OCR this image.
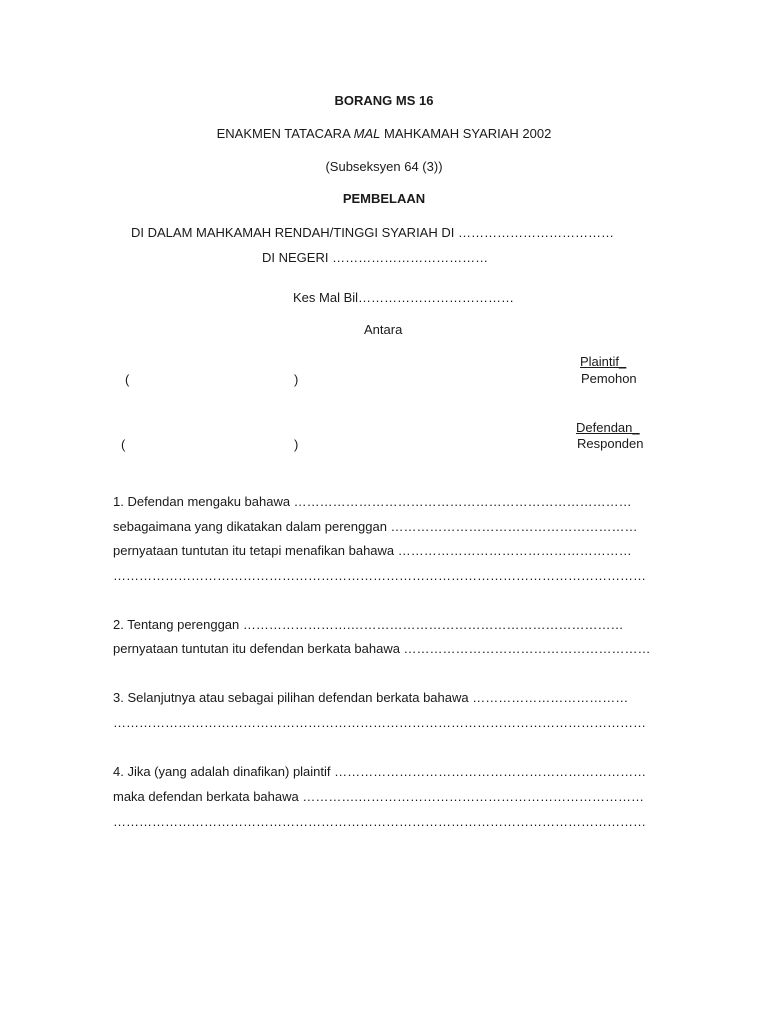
BORANG MS 16
ENAKMEN TATACARA MAL MAHKAMAH SYARIAH 2002
(Subseksyen 64 (3))
PEMBELAAN
DI DALAM MAHKAMAH RENDAH/TINGGI SYARIAH DI ………………………………
DI NEGERI ………………………………
Kes Mal Bil………………………………
Antara
(	)
Plaintif_
Pemohon
(	)
Defendan_
Responden
1. Defendan mengaku bahawa ……………………………………………………………………
sebagaimana yang dikatakan dalam perenggan …………………………………………………
pernyataan tuntutan itu tetapi menafikan bahawa ………………………………………………
……………………………………………………………………………………………………………
2. Tentang perenggan …………………….………………………………………………………
pernyataan tuntutan itu defendan berkata bahawa …………………………………………………
3. Selanjutnya atau sebagai pilihan defendan berkata bahawa ………………………………
……………………………………………………………………………………………………………
4. Jika (yang adalah dinafikan) plaintif ………………………………………………………………
maka defendan berkata bahawa ………….…………………………………………………………
……………………………………………………………………………………………………………
